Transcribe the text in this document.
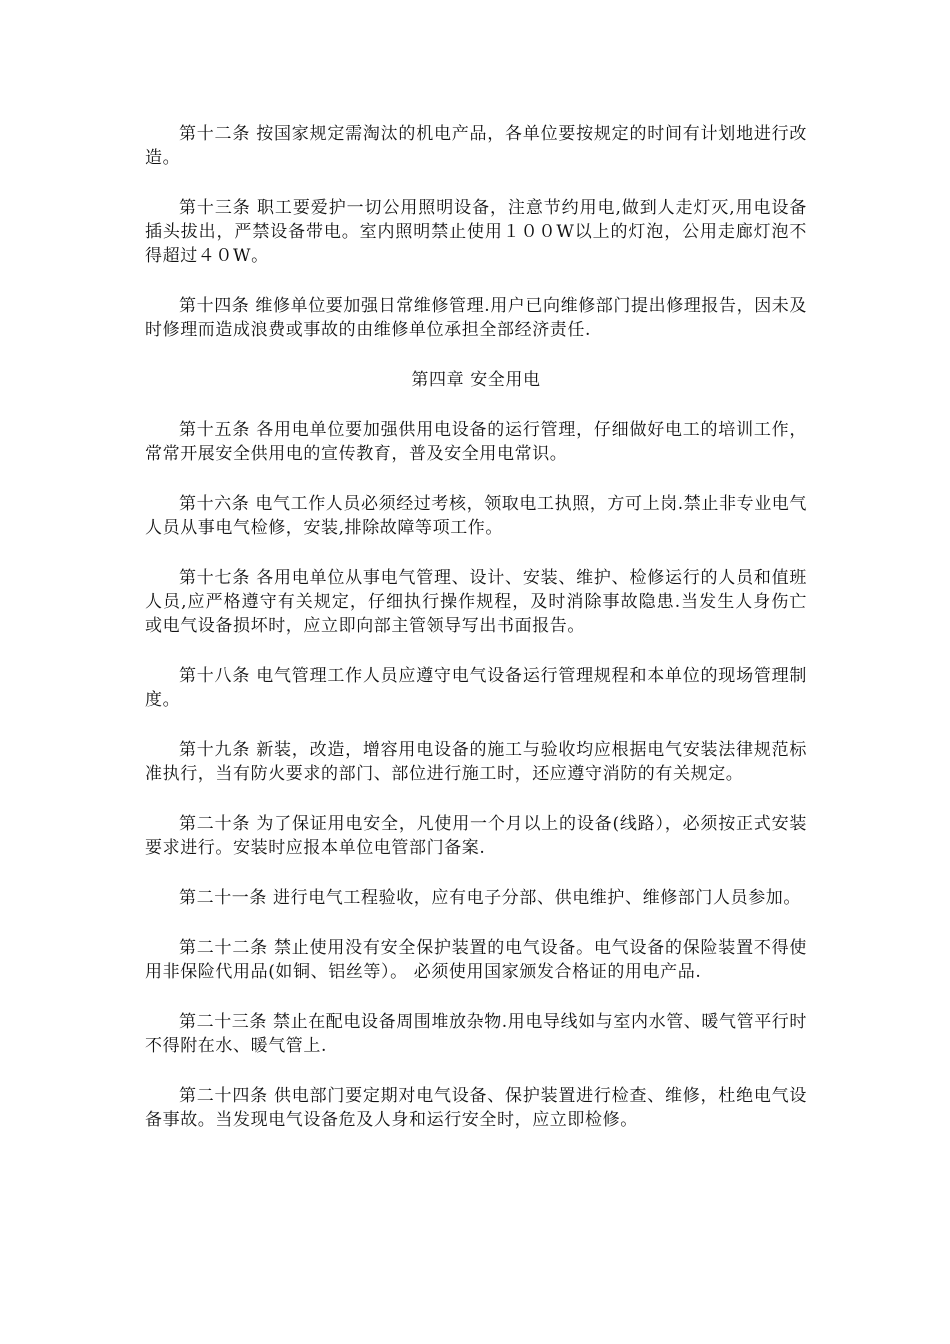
第十二条 按国家规定需淘汰的机电产品，各单位要按规定的时间有计划地进行改造。

第十三条 职工要爱护一切公用照明设备，注意节约用电,做到人走灯灭,用电设备插头拔出，严禁设备带电。室内照明禁止使用１００W以上的灯泡，公用走廊灯泡不得超过４０W。

第十四条 维修单位要加强日常维修管理.用户已向维修部门提出修理报告，因未及时修理而造成浪费或事故的由维修单位承担全部经济责任.

第四章 安全用电

第十五条 各用电单位要加强供用电设备的运行管理，仔细做好电工的培训工作，常常开展安全供用电的宣传教育，普及安全用电常识。

第十六条 电气工作人员必须经过考核，领取电工执照，方可上岗.禁止非专业电气人员从事电气检修，安装,排除故障等项工作。

第十七条 各用电单位从事电气管理、设计、安装、维护、检修运行的人员和值班人员,应严格遵守有关规定，仔细执行操作规程，及时消除事故隐患.当发生人身伤亡或电气设备损坏时，应立即向部主管领导写出书面报告。

第十八条 电气管理工作人员应遵守电气设备运行管理规程和本单位的现场管理制度。

第十九条 新装，改造，增容用电设备的施工与验收均应根据电气安装法律规范标准执行，当有防火要求的部门、部位进行施工时，还应遵守消防的有关规定。

第二十条 为了保证用电安全，凡使用一个月以上的设备(线路），必须按正式安装要求进行。安装时应报本单位电管部门备案.

第二十一条 进行电气工程验收，应有电子分部、供电维护、维修部门人员参加。

第二十二条 禁止使用没有安全保护装置的电气设备。电气设备的保险装置不得使用非保险代用品(如铜、铝丝等）。 必须使用国家颁发合格证的用电产品.

第二十三条 禁止在配电设备周围堆放杂物.用电导线如与室内水管、暖气管平行时不得附在水、暖气管上.

第二十四条 供电部门要定期对电气设备、保护装置进行检查、维修，杜绝电气设备事故。当发现电气设备危及人身和运行安全时，应立即检修。
